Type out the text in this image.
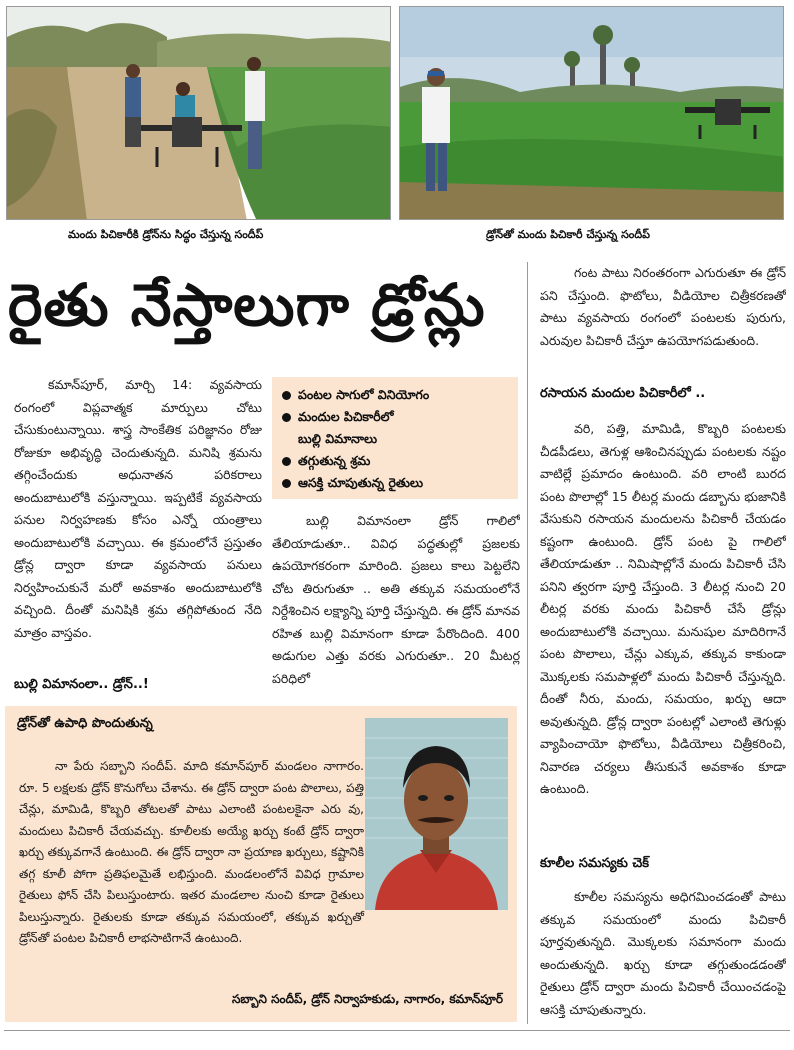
మందు పిచికారీకి డ్రోన్‌ను సిద్ధం చేస్తున్న సందీప్	డ్రోన్‌తో మందు పిచికారీ చేస్తున్న సందీప్
రైతు నేస్తాలుగా డ్రోన్లు

కమాన్‌పూర్, మార్చి 14: వ్యవసాయ రంగంలో విప్లవాత్మక మార్పులు చోటు చేసుకుంటున్నాయి. శాస్త్ర సాంకేతిక పరిజ్ఞానం రోజు రోజుకూ అభివృద్ధి చెందుతున్నది. మనిషి శ్రమను తగ్గించేందుకు అధునాతన పరికరాలు అందుబాటులోకి వస్తున్నాయి. ఇప్పటికే వ్యవసాయ పనుల నిర్వహణకు కోసం ఎన్నో యంత్రాలు అందుబాటులోకి వచ్చాయి. ఈ క్రమంలోనే ప్రస్తుతం డ్రోన్ల ద్వారా కూడా వ్యవసాయ పనులు నిర్వహించుకునే మరో అవకాశం అందుబాటులోకి వచ్చింది. దీంతో మనిషికి శ్రమ తగ్గిపోతుంద నేది మాత్రం వాస్తవం.

బుల్లి విమానంలా.. డ్రోన్..!
పంటల సాగులో వినియోగం
మందుల పిచికారీలో
బుల్లి విమానాలు
తగ్గుతున్న శ్రమ
ఆసక్తి చూపుతున్న రైతులు

బుల్లి విమానంలా డ్రోన్ గాలిలో తేలియాడుతూ.. వివిధ పద్ధతుల్లో ప్రజలకు ఉపయోగకరంగా మారింది. ప్రజలు కాలు పెట్టలేని చోట తిరుగుతూ .. అతి తక్కువ సమయంలోనే నిర్దేశించిన లక్ష్యాన్ని పూర్తి చేస్తున్నది. ఈ డ్రోన్ మానవ రహిత బుల్లి విమానంగా కూడా పేరొందింది. 400 అడుగుల ఎత్తు వరకు ఎగురుతూ.. 20 మీటర్ల పరిధిలో

గంట పాటు నిరంతరంగా ఎగురుతూ ఈ డ్రోన్ పని చేస్తుంది. ఫొటోలు, వీడియోల చిత్రీకరణతో పాటు వ్యవసాయ రంగంలో పంటలకు పురుగు, ఎరువుల పిచికారీ చేస్తూ ఉపయోగపడుతుంది.

రసాయన మందుల పిచికారీలో ..

వరి, పత్తి, మామిడి, కొబ్బరి పంటలకు చీడపీడలు, తెగుళ్ల ఆశించినప్పుడు పంటలకు నష్టం వాటిల్లే ప్రమాదం ఉంటుంది. వరి లాంటి బురద పంట పొలాల్లో 15 లీటర్ల మందు డబ్బాను భుజానికి వేసుకుని రసాయన మందులను పిచికారీ చేయడం కష్టంగా ఉంటుంది. డ్రోన్ పంట పై గాలిలో తేలియాడుతూ .. నిమిషాల్లోనే మందు పిచికారీ చేసి పనిని త్వరగా పూర్తి చేస్తుంది. 3 లీటర్ల నుంచి 20 లీటర్ల వరకు మందు పిచికారీ చేసే డ్రోన్లు అందుబాటులోకి వచ్చాయి. మనుషుల మాదిరిగానే పంట పొలాలు, చేన్లు ఎక్కువ, తక్కువ కాకుండా మొక్కలకు సమపాళ్లలో మందు పిచికారీ చేస్తున్నది. దీంతో నీరు, మందు, సమయం, ఖర్చు ఆదా అవుతున్నది. డ్రోన్ల ద్వారా పంటల్లో ఎలాంటి తెగుళ్లు వ్యాపించాయో ఫొటోలు, వీడియోలు చిత్రీకరించి, నివారణ చర్యలు తీసుకునే అవకాశం కూడా ఉంటుంది.

కూలీల సమస్యకు చెక్

కూలీల సమస్యను అధిగమించడంతో పాటు తక్కువ సమయంలో మందు పిచికారీ పూర్తవుతున్నది. మొక్కలకు సమానంగా మందు అందుతున్నది. ఖర్చు కూడా తగ్గుతుండడంతో రైతులు డ్రోన్ ద్వారా మందు పిచికారీ చేయించడంపై ఆసక్తి చూపుతున్నారు.

డ్రోన్‌తో ఉపాధి పొందుతున్న

నా పేరు సబ్బాని సందీప్. మాది కమాన్‌పూర్ మండలం నాగారం. రూ. 5 లక్షలకు డ్రోన్ కొనుగోలు చేశాను. ఈ డ్రోన్ ద్వారా పంట పొలాలు, పత్తి చేన్లు, మామిడి, కొబ్బరి తోటలతో పాటు ఎలాంటి పంటలకైనా ఎరు వు, మందులు పిచికారీ చేయవచ్చు. కూలీలకు అయ్యే ఖర్చు కంటే డ్రోన్ ద్వారా ఖర్చు తక్కువగానే ఉంటుంది. ఈ డ్రోన్ ద్వారా నా ప్రయాణ ఖర్చులు, కష్టానికి తగ్గ కూలీ పోగా ప్రతిఫలమైతే లభిస్తుంది. మండలంలోనే వివిధ గ్రామాల రైతులు ఫోన్ చేసి పిలుస్తుంటారు. ఇతర మండలాల నుంచి కూడా రైతులు పిలుస్తున్నారు. రైతులకు కూడా తక్కువ సమయంలో, తక్కువ ఖర్చుతో డ్రోన్‌తో పంటల పిచికారీ లాభసాటిగానే ఉంటుంది.

సబ్బాని సందీప్, డ్రోన్ నిర్వాహకుడు, నాగారం, కమాన్‌పూర్
